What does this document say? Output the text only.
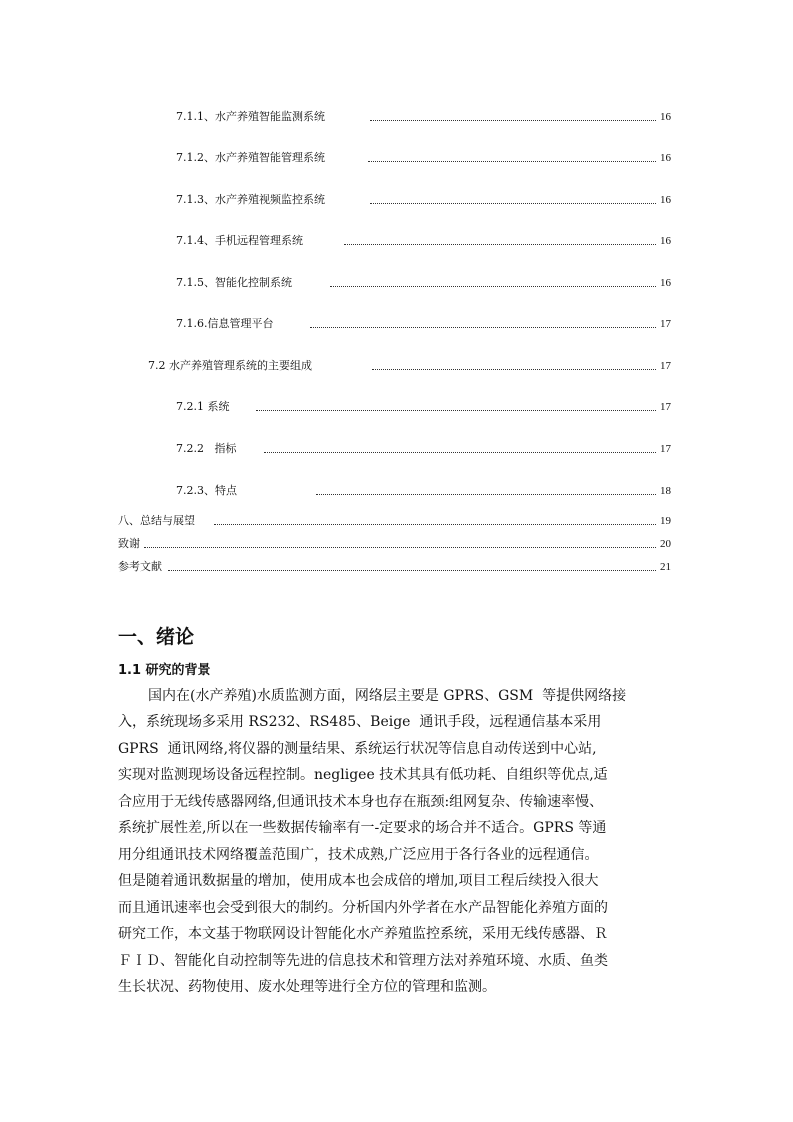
7.1.1、水产养殖智能监测系统	16
7.1.2、水产养殖智能管理系统	16
7.1.3、水产养殖视频监控系统	16
7.1.4、手机远程管理系统	16
7.1.5、智能化控制系统	16
7.1.6.信息管理平台	17
7.2 水产养殖管理系统的主要组成	17
7.2.1 系统	17
7.2.2   指标	17
7.2.3、特点	18
八、总结与展望	19
致谢	20
参考文献	21
一、绪论
1.1 研究的背景
国内在(水产养殖)水质监测方面，网络层主要是 GPRS、GSM  等提供网络接
入，系统现场多采用 RS232、RS485、Beige  通讯手段，远程通信基本采用
GPRS  通讯网络,将仪器的测量结果、系统运行状况等信息自动传送到中心站,
实现对监测现场设备远程控制。negligee 技术其具有低功耗、自组织等优点,适
合应用于无线传感器网络,但通讯技术本身也存在瓶颈:组网复杂、传输速率慢、
系统扩展性差,所以在一些数据传输率有一-定要求的场合并不适合。GPRS 等通
用分组通讯技术网络覆盖范围广，技术成熟,广泛应用于各行各业的远程通信。
但是随着通讯数据量的增加，使用成本也会成倍的增加,项目工程后续投入很大
而且通讯速率也会受到很大的制约。分析国内外学者在水产品智能化养殖方面的
研究工作，本文基于物联网设计智能化水产养殖监控系统，采用无线传感器、Ｒ
ＦＩＤ、智能化自动控制等先进的信息技术和管理方法对养殖环境、水质、鱼类
生长状况、药物使用、废水处理等进行全方位的管理和监测。
